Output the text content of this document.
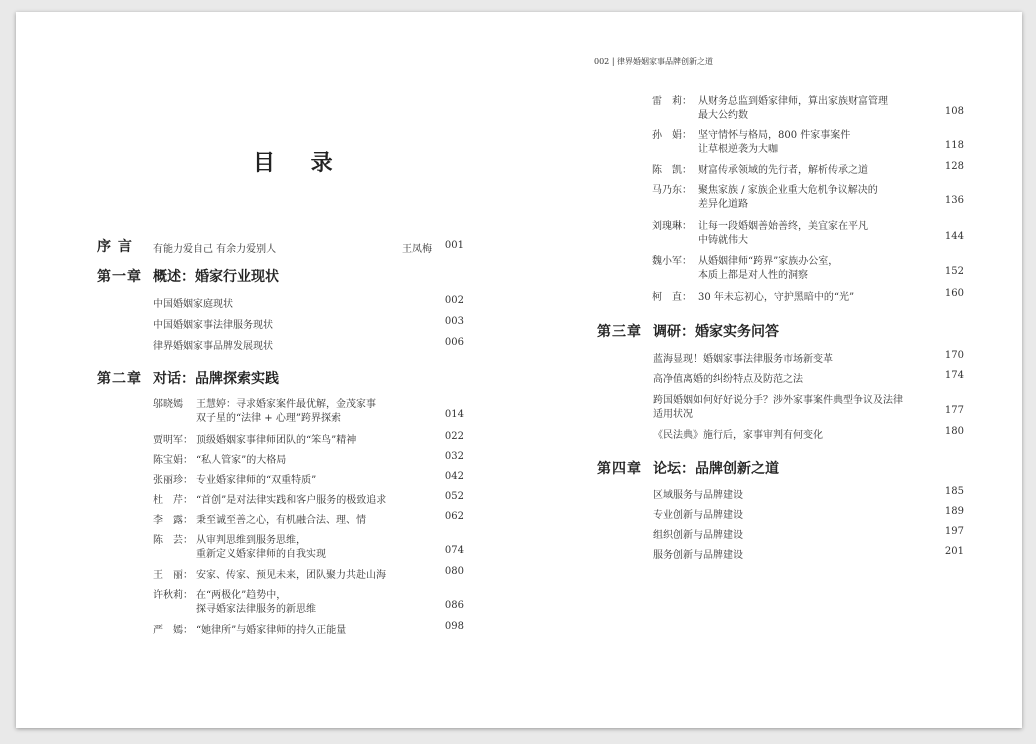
目 录
序 言 有能力爱自己 有余力爱别人	王凤梅	001
第一章 概述：婚家行业现状
中国婚姻家庭现状	002
中国婚姻家事法律服务现状	003
律界婚姻家事品牌发展现状	006
第二章 对话：品牌探索实践
邬晓嫣 王慧婷：寻求婚家案件最优解，金茂家事
双子星的“法律 + 心理”跨界探索	014
贾明军： 顶级婚姻家事律师团队的“笨鸟”精神	022
陈宝娟： “私人管家”的大格局	032
张丽珍： 专业婚家律师的“双重特质”	042
杜　芹： “首创”是对法律实践和客户服务的极致追求	052
李　露： 秉至诚至善之心，有机融合法、理、情	062
陈　芸： 从审判思维到服务思维，
重新定义婚家律师的自我实现	074
王　丽： 安家、传家、预见未来，团队聚力共赴山海	080
许秋莉： 在“两极化”趋势中，
探寻婚家法律服务的新思维	086
严　嫣： “她律所”与婚家律师的持久正能量	098
002 | 律界婚姻家事品牌创新之道
雷　莉： 从财务总监到婚家律师，算出家族财富管理
最大公约数	108
孙　娟： 坚守情怀与格局，800 件家事案件
让草根逆袭为大咖	118
陈　凯： 财富传承领域的先行者，解析传承之道	128
马乃东： 聚焦家族 / 家族企业重大危机争议解决的
差异化道路	136
刘瑰琳： 让每一段婚姻善始善终，美宜家在平凡
中铸就伟大	144
魏小军： 从婚姻律师“跨界”家族办公室，
本质上都是对人性的洞察	152
柯　直： 30 年未忘初心，守护黑暗中的“光”	160
第三章 调研：婚家实务问答
蓝海显现！婚姻家事法律服务市场新变革	170
高净值离婚的纠纷特点及防范之法	174
跨国婚姻如何好好说分手？涉外家事案件典型争议及法律
适用状况	177
《民法典》施行后，家事审判有何变化	180
第四章 论坛：品牌创新之道
区域服务与品牌建设	185
专业创新与品牌建设	189
组织创新与品牌建设	197
服务创新与品牌建设	201
